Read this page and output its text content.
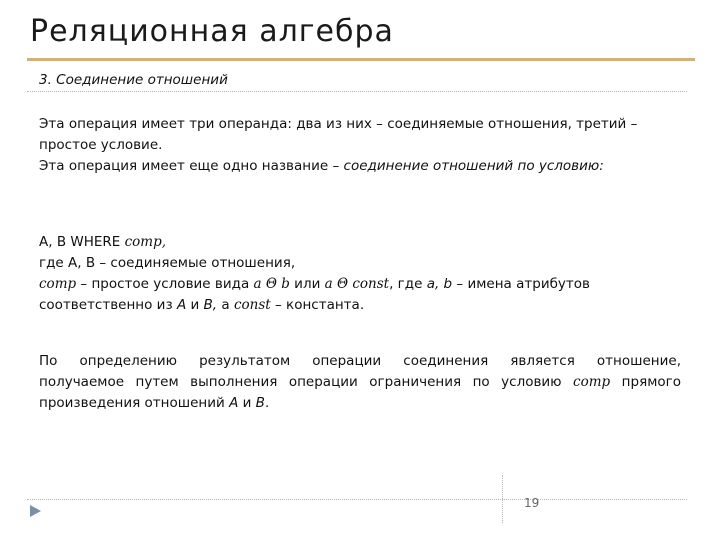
Реляционная алгебра
3. Соединение отношений
Эта операция имеет три операнда: два из них – соединяемые отношения, третий –
простое условие.
Эта операция имеет еще одно название – соединение отношений по условию:
A, B WHERE comp,
где A, B – соединяемые отношения,
comp – простое условие вида a Θ b или a Θ const, где a, b – имена атрибутов
соответственно из A и B, а const – константа.
По определению результатом операции соединения является отношение,
получаемое путем выполнения операции ограничения по условию comp прямого
произведения отношений A и B.
19
